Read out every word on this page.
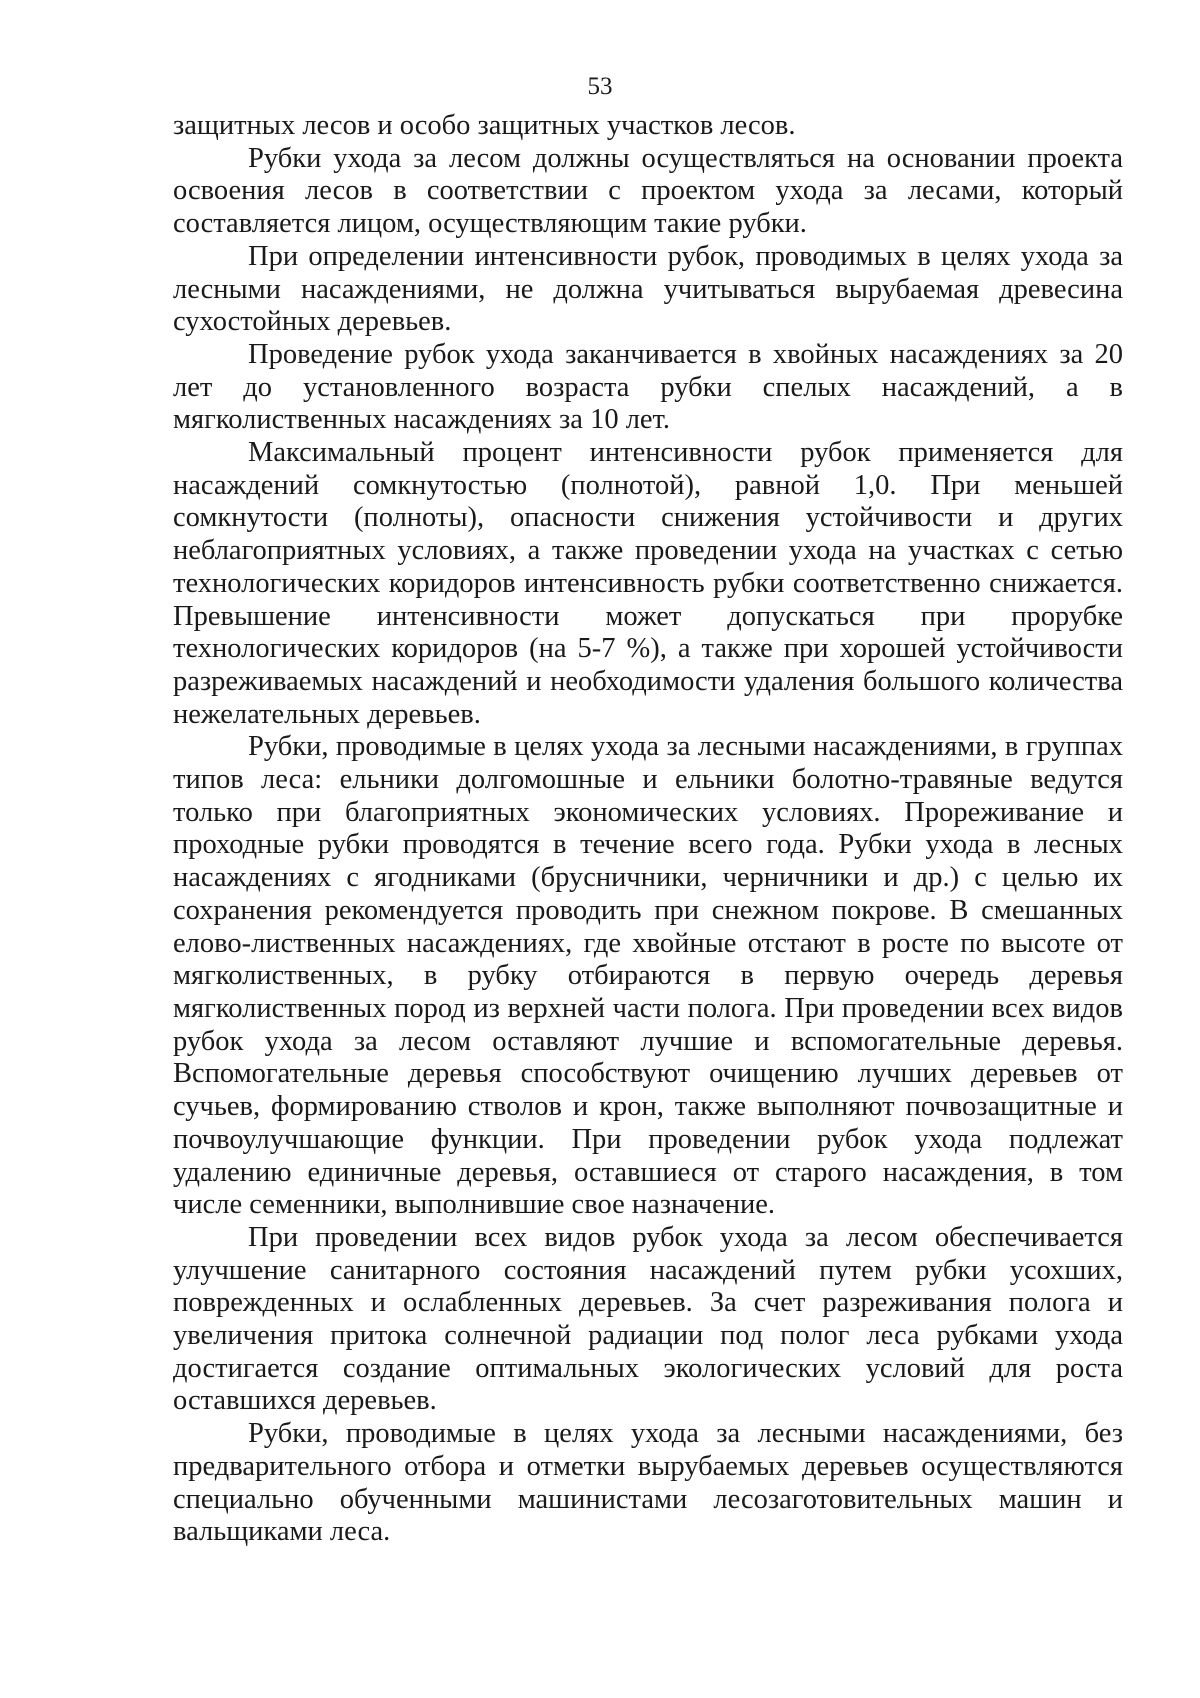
53

защитных лесов и особо защитных участков лесов.

Рубки ухода за лесом должны осуществляться на основании проекта освоения лесов в соответствии с проектом ухода за лесами, который составляется лицом, осуществляющим такие рубки.

При определении интенсивности рубок, проводимых в целях ухода за лесными насаждениями, не должна учитываться вырубаемая древесина сухостойных деревьев.

Проведение рубок ухода заканчивается в хвойных насаждениях за 20 лет до установленного возраста рубки спелых насаждений, а в мягколиственных насаждениях за 10 лет.

Максимальный процент интенсивности рубок применяется для насаждений сомкнутостью (полнотой), равной 1,0. При меньшей сомкнутости (полноты), опасности снижения устойчивости и других неблагоприятных условиях, а также проведении ухода на участках с сетью технологических коридоров интенсивность рубки соответственно снижается. Превышение интенсивности может допускаться при прорубке технологических коридоров (на 5-7 %), а также при хорошей устойчивости разреживаемых насаждений и необходимости удаления большого количества нежелательных деревьев.

Рубки, проводимые в целях ухода за лесными насаждениями, в группах типов леса: ельники долгомошные и ельники болотно-травяные ведутся только при благоприятных экономических условиях. Прореживание и проходные рубки проводятся в течение всего года. Рубки ухода в лесных насаждениях с ягодниками (брусничники, черничники и др.) с целью их сохранения рекомендуется проводить при снежном покрове. В смешанных елово-лиственных насаждениях, где хвойные отстают в росте по высоте от мягколиственных, в рубку отбираются в первую очередь деревья мягколиственных пород из верхней части полога. При проведении всех видов рубок ухода за лесом оставляют лучшие и вспомогательные деревья. Вспомогательные деревья способствуют очищению лучших деревьев от сучьев, формированию стволов и крон, также выполняют почвозащитные и почвоулучшающие функции. При проведении рубок ухода подлежат удалению единичные деревья, оставшиеся от старого насаждения, в том числе семенники, выполнившие свое назначение.

При проведении всех видов рубок ухода за лесом обеспечивается улучшение санитарного состояния насаждений путем рубки усохших, поврежденных и ослабленных деревьев. За счет разреживания полога и увеличения притока солнечной радиации под полог леса рубками ухода достигается создание оптимальных экологических условий для роста оставшихся деревьев.

Рубки, проводимые в целях ухода за лесными насаждениями, без предварительного отбора и отметки вырубаемых деревьев осуществляются специально обученными машинистами лесозаготовительных машин и вальщиками леса.
